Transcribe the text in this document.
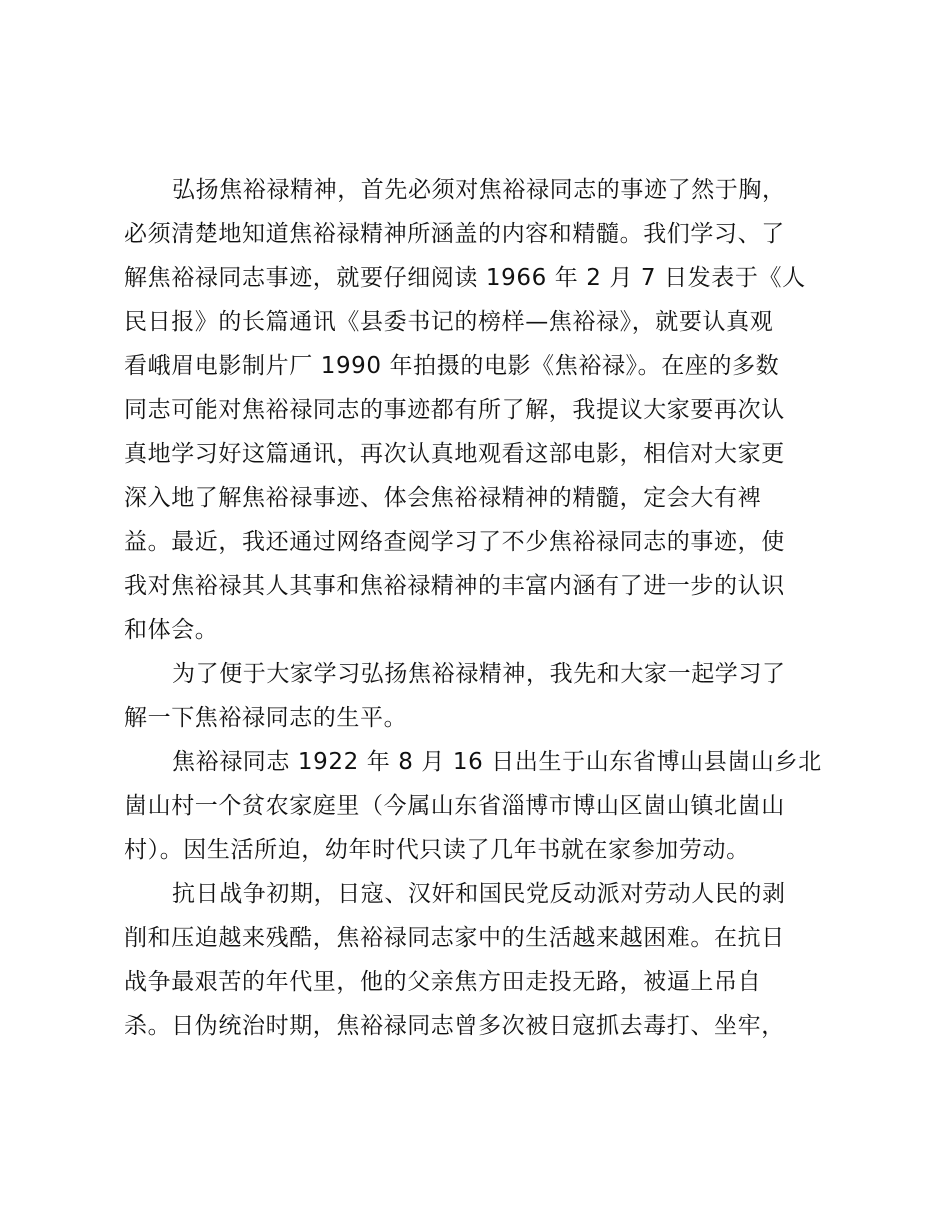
弘扬焦裕禄精神，首先必须对焦裕禄同志的事迹了然于胸，
必须清楚地知道焦裕禄精神所涵盖的内容和精髓。我们学习、了
解焦裕禄同志事迹，就要仔细阅读 1966 年 2 月 7 日发表于《人
民日报》的长篇通讯《县委书记的榜样—焦裕禄》，就要认真观
看峨眉电影制片厂 1990 年拍摄的电影《焦裕禄》。在座的多数
同志可能对焦裕禄同志的事迹都有所了解，我提议大家要再次认
真地学习好这篇通讯，再次认真地观看这部电影，相信对大家更
深入地了解焦裕禄事迹、体会焦裕禄精神的精髓，定会大有裨
益。最近，我还通过网络查阅学习了不少焦裕禄同志的事迹，使
我对焦裕禄其人其事和焦裕禄精神的丰富内涵有了进一步的认识
和体会。
为了便于大家学习弘扬焦裕禄精神，我先和大家一起学习了
解一下焦裕禄同志的生平。
焦裕禄同志 1922 年 8 月 16 日出生于山东省博山县崮山乡北
崮山村一个贫农家庭里（今属山东省淄博市博山区崮山镇北崮山
村）。因生活所迫，幼年时代只读了几年书就在家参加劳动。
抗日战争初期，日寇、汉奸和国民党反动派对劳动人民的剥
削和压迫越来残酷，焦裕禄同志家中的生活越来越困难。在抗日
战争最艰苦的年代里，他的父亲焦方田走投无路，被逼上吊自
杀。日伪统治时期，焦裕禄同志曾多次被日寇抓去毒打、坐牢，
